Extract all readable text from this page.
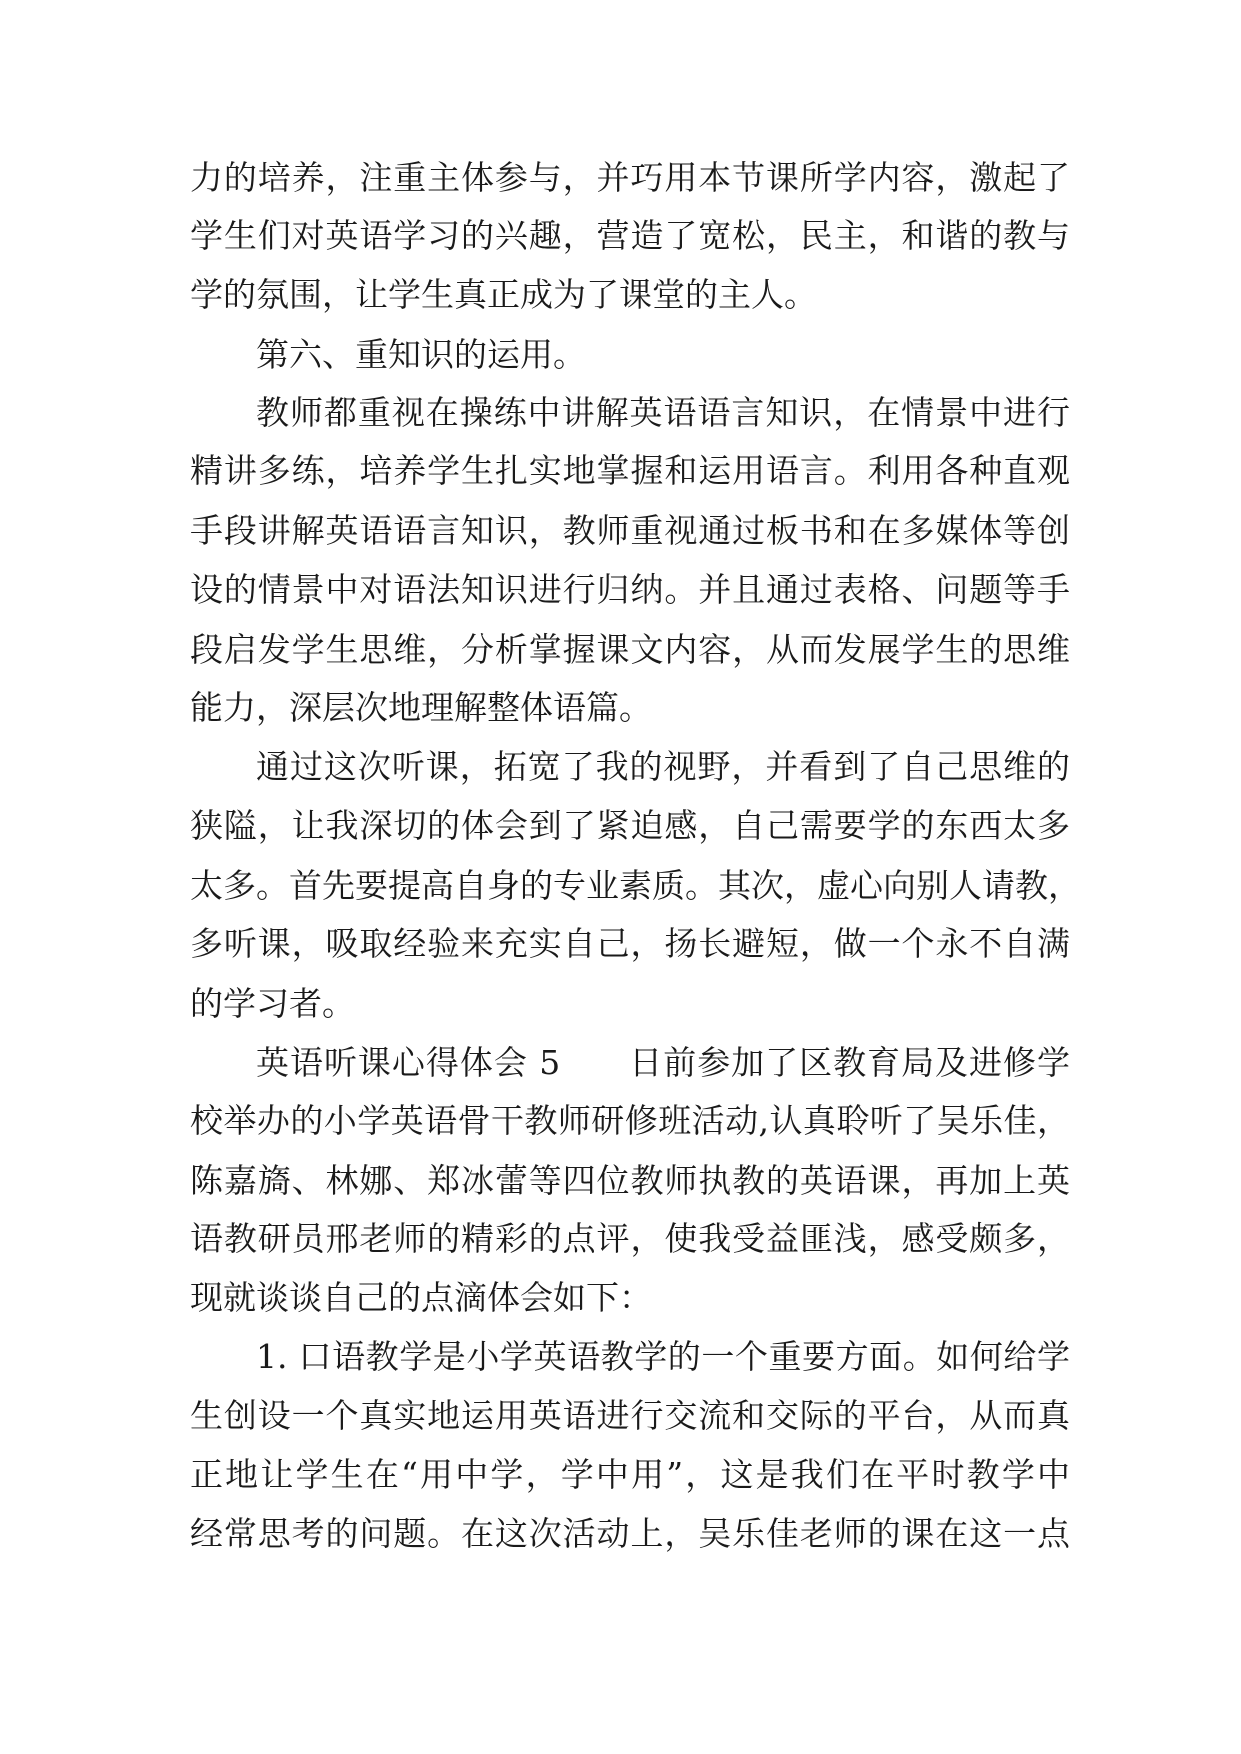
力的培养，注重主体参与，并巧用本节课所学内容，激起了
学生们对英语学习的兴趣，营造了宽松，民主，和谐的教与
学的氛围，让学生真正成为了课堂的主人。
第六、重知识的运用。
教师都重视在操练中讲解英语语言知识，在情景中进行
精讲多练，培养学生扎实地掌握和运用语言。利用各种直观
手段讲解英语语言知识，教师重视通过板书和在多媒体等创
设的情景中对语法知识进行归纳。并且通过表格、问题等手
段启发学生思维，分析掌握课文内容，从而发展学生的思维
能力，深层次地理解整体语篇。
通过这次听课，拓宽了我的视野，并看到了自己思维的
狭隘，让我深切的体会到了紧迫感，自己需要学的东西太多
太多。首先要提高自身的专业素质。其次，虚心向别人请教，
多听课，吸取经验来充实自己，扬长避短，做一个永不自满
的学习者。
英语听课心得体会 5　　日前参加了区教育局及进修学
校举办的小学英语骨干教师研修班活动,认真聆听了吴乐佳，
陈嘉旖、林娜、郑冰蕾等四位教师执教的英语课，再加上英
语教研员邢老师的精彩的点评，使我受益匪浅，感受颇多，
现就谈谈自己的点滴体会如下：
1. 口语教学是小学英语教学的一个重要方面。如何给学
生创设一个真实地运用英语进行交流和交际的平台，从而真
正地让学生在“用中学，学中用”，这是我们在平时教学中
经常思考的问题。在这次活动上，吴乐佳老师的课在这一点
